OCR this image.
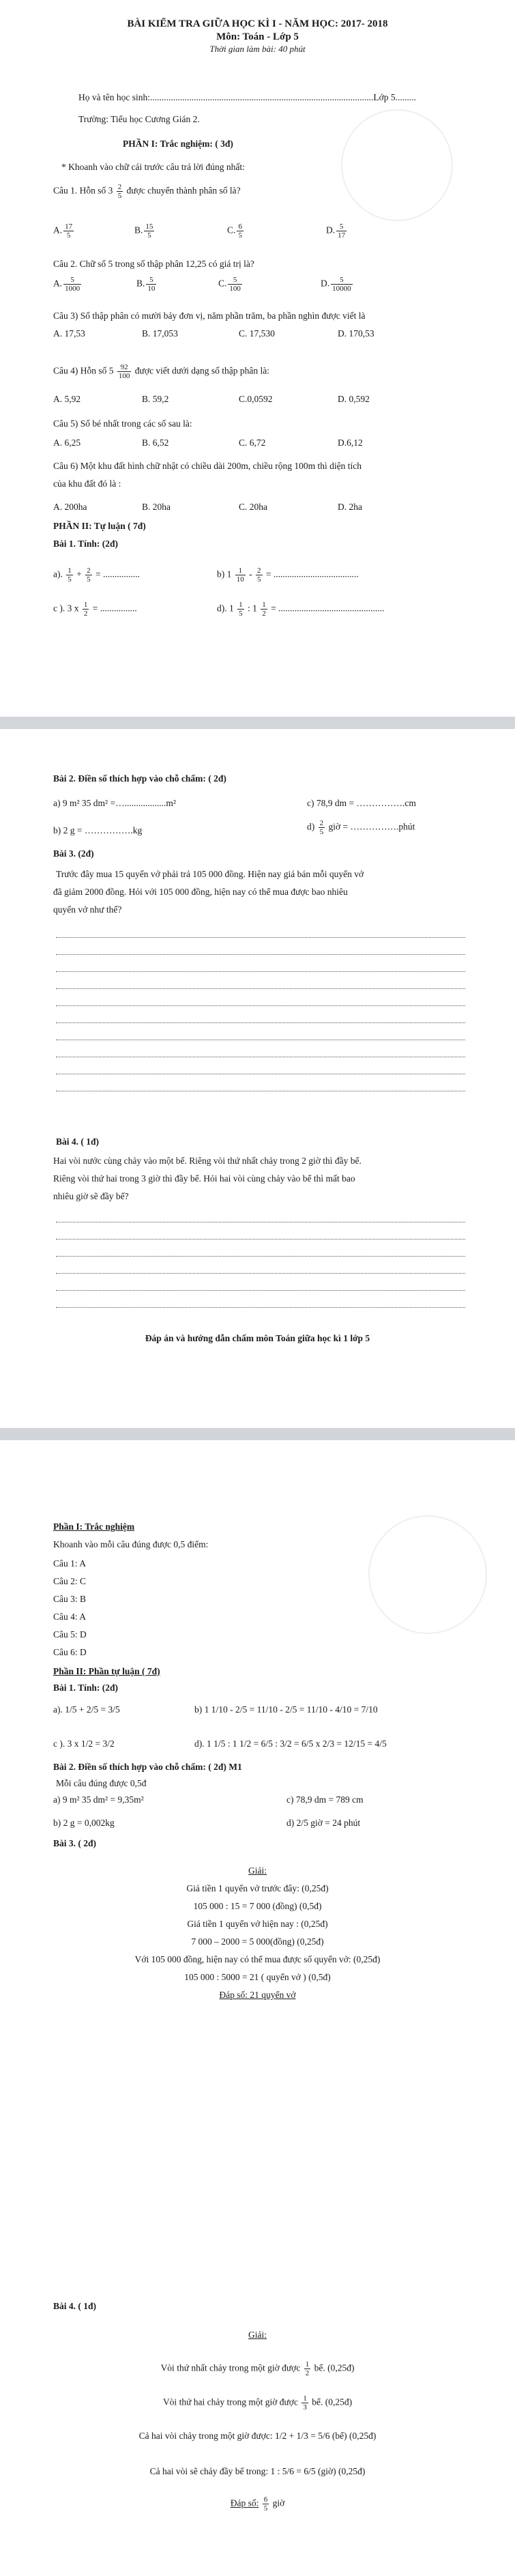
BÀI KIỂM TRA GIỮA HỌC KÌ I - NĂM HỌC: 2017- 2018

Môn: Toán - Lớp 5

Thời gian làm bài: 40 phút

Họ và tên học sinh:.................................................................................................Lớp 5.........
Trường: Tiểu học Cương Gián 2.
PHẦN I: Trắc nghiệm: ( 3đ)
* Khoanh vào chữ cái trước câu trả lời đúng nhất:
Câu 1. Hỗn số $3 \frac{2}{5}$ được chuyển thành phân số là?
A. $\frac{17}{5}$	B. $\frac{15}{5}$	C. $\frac{6}{5}$	D. $\frac{5}{17}$
Câu 2. Chữ số 5 trong số thập phân 12,25 có giá trị là?
A. $\frac{5}{1000}$	B. $\frac{5}{10}$	C. $\frac{5}{100}$	D. $\frac{5}{10000}$
Câu 3) Số thập phân có mười bảy đơn vị, năm phần trăm, ba phần nghìn được viết là
A. 17,53	B. 17,053	C. 17,530	D. 170,53
Câu 4) Hỗn số $5 \frac{92}{100}$ được viết dưới dạng số thập phân là:
A. 5,92	B. 59,2	C.0,0592	D. 0,592
Câu 5) Số bé nhất trong các số sau là:
A. 6,25	B. 6,52	C. 6,72	D.6,12
Câu 6) Một khu đất hình chữ nhật có chiều dài 200m, chiều rộng 100m thì diện tích
của khu đất đó là :
A. 200ha	B. 20ha	C. 20ha	D. 2ha
PHẦN II: Tự luận ( 7đ)
Bài 1. Tính: (2đ)
a). $\frac{1}{5} + \frac{2}{5}$ = ................	b) $1 \frac{1}{10} - \frac{2}{5}$ = .....................................
c ). 3 x $\frac{1}{2}$ = ................	d). $1 \frac{1}{5}$ : $1 \frac{1}{2}$ = ..............................................
Bài 2. Điền số thích hợp vào chỗ chấm: ( 2đ)
a) 9 m² 35 dm² =…..................m²	c) 78,9 dm = …………….cm
b) 2 g = …………….kg	$d) \frac{2}{5}$ giờ = …………….phút
Bài 3. (2đ)
Trước đây mua 15 quyển vở phải trả 105 000 đồng. Hiện nay giá bán mỗi quyển vở
đã giảm 2000 đồng. Hỏi với 105 000 đồng, hiện nay có thể mua được bao nhiêu
quyển vở như thế?
Bài 4. ( 1đ)
Hai vòi nước cùng chảy vào một bể. Riêng vòi thứ nhất chảy trong 2 giờ thì đầy bể.
Riêng vòi thứ hai trong 3 giờ thì đầy bể. Hỏi hai vòi cùng chảy vào bể thì mất bao
nhiêu giờ sẽ đầy bể?
Đáp án và hướng dẫn chấm môn Toán giữa học kì 1 lớp 5
Phần I: Trắc nghiệm
Khoanh vào mỗi câu đúng được 0,5 điểm:
Câu 1: A
Câu 2: C
Câu 3: B
Câu 4: A
Câu 5: D
Câu 6: D
Phần II: Phần tự luận ( 7đ)
Bài 1. Tính: (2đ)
a). 1/5 + 2/5 = 3/5	b) 1 1/10 - 2/5 = 11/10 - 2/5 = 11/10 - 4/10 = 7/10
c ). 3 x 1/2 = 3/2	d). 1 1/5 : 1 1/2 = 6/5 : 3/2 = 6/5 x 2/3 = 12/15 = 4/5
Bài 2. Điền số thích hợp vào chỗ chấm: ( 2đ) M1
Mỗi câu đúng được 0,5đ
a) 9 m² 35 dm² = 9,35m²	c) 78,9 dm = 789 cm
b) 2 g = 0,002kg	d) 2/5 giờ = 24 phút
Bài 3. ( 2đ)
Giải:
Giá tiền 1 quyển vở trước đây: (0,25đ)
105 000 : 15 = 7 000 (đồng) (0,5đ)
Giá tiền 1 quyển vở hiện nay : (0,25đ)
7 000 – 2000 = 5 000(đồng) (0,25đ)
Với 105 000 đồng, hiện nay có thể mua được số quyển vở: (0,25đ)
105 000 : 5000 = 21 ( quyển vở ) (0,5đ)
Đáp số: 21 quyển vở
Bài 4. ( 1đ)
Giải:
Vòi thứ nhất chảy trong một giờ được $\frac{1}{2}$ bể. (0,25đ)
Vòi thứ hai chảy trong một giờ được $\frac{1}{3}$ bể. (0,25đ)
Cả hai vòi chảy trong một giờ được: 1/2 + 1/3 = 5/6 (bể) (0,25đ)
Cả hai vòi sẽ chảy đầy bể trong: 1 : 5/6 = 6/5 (giờ) (0,25đ)
Đáp số: $\frac{6}{5}$ giờ
